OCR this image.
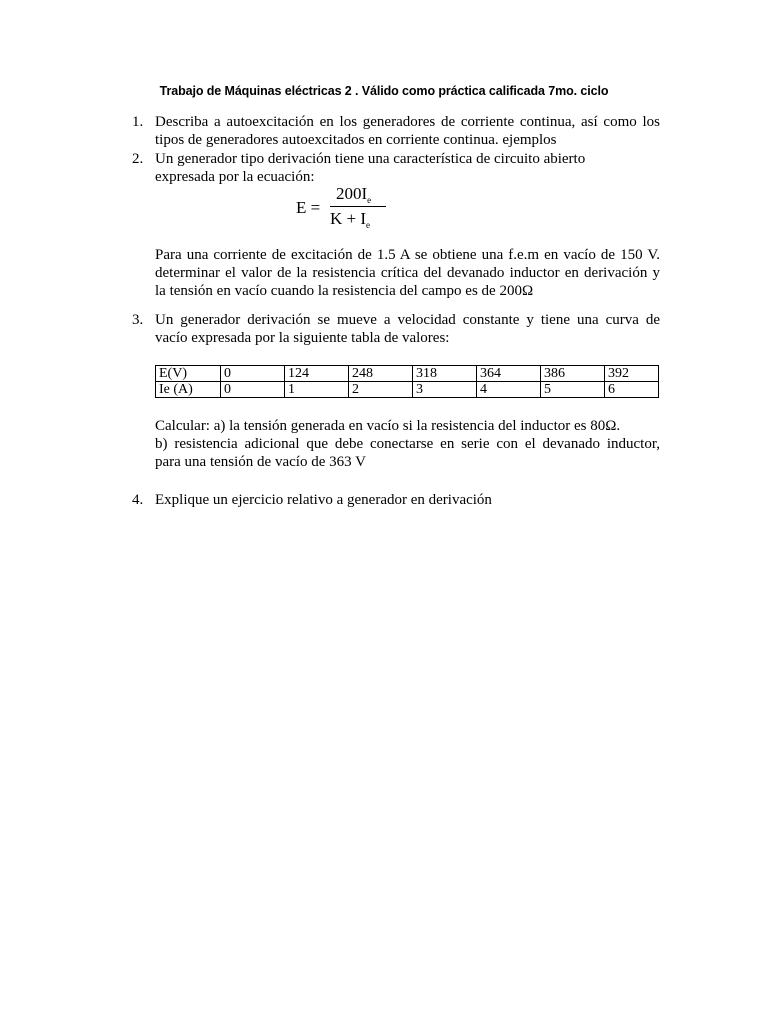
Trabajo de Máquinas eléctricas 2 . Válido como práctica calificada 7mo. ciclo
1. Describa a autoexcitación en los generadores de corriente continua, así como los
tipos de generadores autoexcitados en corriente continua. ejemplos
2. Un generador tipo derivación tiene una característica de circuito abierto
expresada por la ecuación:
E =
$200I_e$
$K + I_e$
Para una corriente de excitación de 1.5 A se obtiene una f.e.m en vacío de 150 V.
determinar el valor de la resistencia crítica del devanado inductor en derivación y
la tensión en vacío cuando la resistencia del campo es de 200Ω
3. Un generador derivación se mueve a velocidad constante y tiene una curva de
vacío expresada por la siguiente tabla de valores:
E(V)	0	124	248	318	364	386	392
Ie (A)	0	1	2	3	4	5	6
Calcular: a) la tensión generada en vacío si la resistencia del inductor es 80Ω.
b) resistencia adicional que debe conectarse en serie con el devanado inductor,
para una tensión de vacío de 363 V
4. Explique un ejercicio relativo a generador en derivación
